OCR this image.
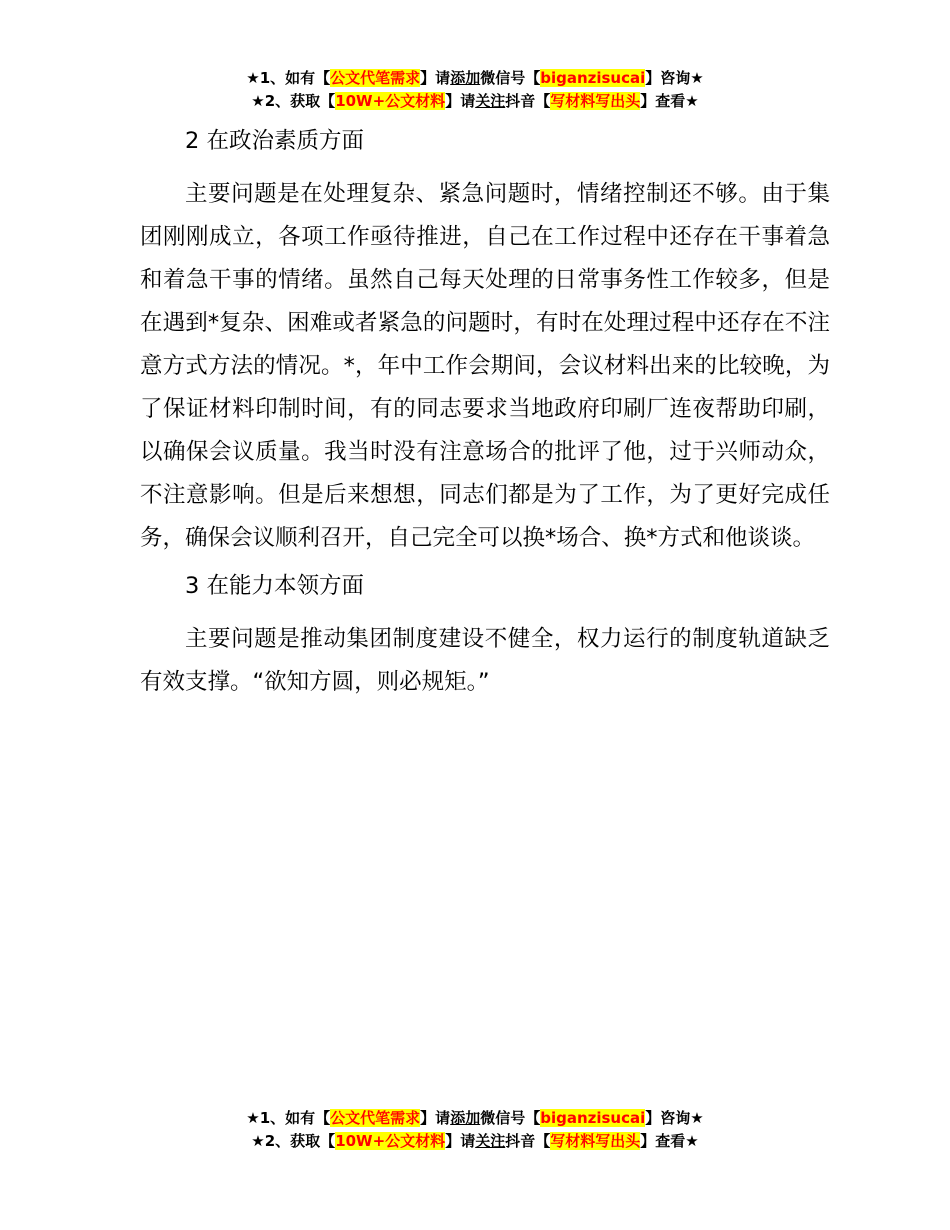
★1、如有【公文代笔需求】请添加微信号【biganzisucai】咨询★
★2、获取【10W+公文材料】请关注抖音【写材料写出头】查看★

2 在政治素质方面

主要问题是在处理复杂、紧急问题时，情绪控制还不够。由于集团刚刚成立，各项工作亟待推进，自己在工作过程中还存在干事着急和着急干事的情绪。虽然自己每天处理的日常事务性工作较多，但是在遇到*复杂、困难或者紧急的问题时，有时在处理过程中还存在不注意方式方法的情况。*，年中工作会期间，会议材料出来的比较晚，为了保证材料印制时间，有的同志要求当地政府印刷厂连夜帮助印刷，以确保会议质量。我当时没有注意场合的批评了他，过于兴师动众，不注意影响。但是后来想想，同志们都是为了工作，为了更好完成任务，确保会议顺利召开，自己完全可以换*场合、换*方式和他谈谈。

3 在能力本领方面

主要问题是推动集团制度建设不健全，权力运行的制度轨道缺乏有效支撑。“欲知方圆，则必规矩。”

★1、如有【公文代笔需求】请添加微信号【biganzisucai】咨询★
★2、获取【10W+公文材料】请关注抖音【写材料写出头】查看★
